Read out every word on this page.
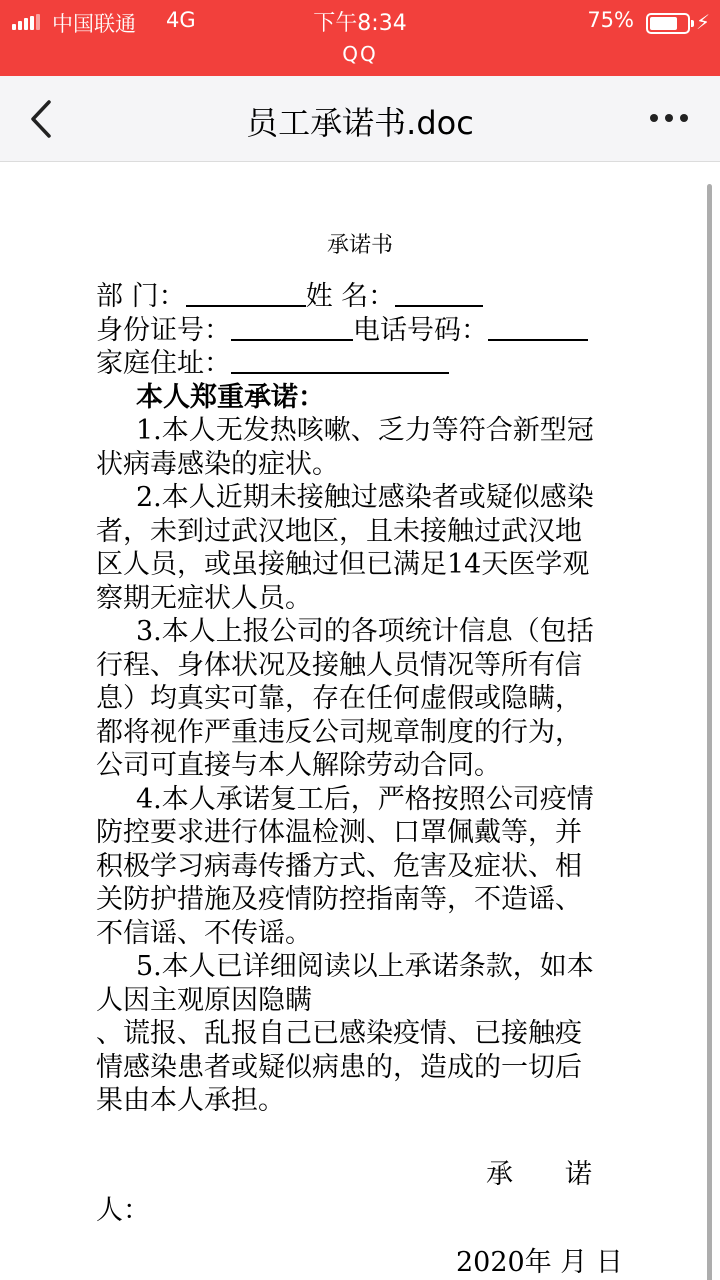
中国联通 4G	下午8:34	75%	⚡
QQ
员工承诺书.doc
承诺书
部 门：	姓 名：
身份证号：	电话号码：
家庭住址：
本人郑重承诺：
1.本人无发热咳嗽、乏力等符合新型冠
状病毒感染的症状。
2.本人近期未接触过感染者或疑似感染
者，未到过武汉地区，且未接触过武汉地
区人员，或虽接触过但已满足14天医学观
察期无症状人员。
3.本人上报公司的各项统计信息（包括
行程、身体状况及接触人员情况等所有信
息）均真实可靠，存在任何虚假或隐瞒，
都将视作严重违反公司规章制度的行为，
公司可直接与本人解除劳动合同。
4.本人承诺复工后，严格按照公司疫情
防控要求进行体温检测、口罩佩戴等，并
积极学习病毒传播方式、危害及症状、相
关防护措施及疫情防控指南等，不造谣、
不信谣、不传谣。
5.本人已详细阅读以上承诺条款，如本
人因主观原因隐瞒
、谎报、乱报自己已感染疫情、已接触疫
情感染患者或疑似病患的，造成的一切后
果由本人承担。
承 诺
人：
2020年 月 日
